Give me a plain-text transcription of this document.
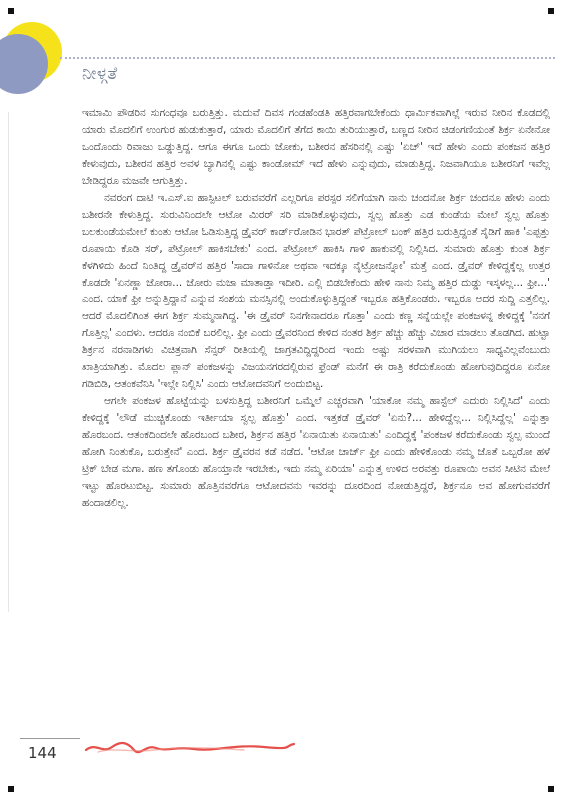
ನೀಳ್ಗತೆ

ಇಮಾಮಿ ಪೌಡರಿನ ಸುಗಂಧವೂ ಬರುತ್ತಿತ್ತು. ಮದುವೆ ದಿವಸ ಗಂಡಹೆಂಡತಿ ಹತ್ತಿರವಾಗಬೇಕೆಂದು ಧಾರ್ಮಿಕವಾಗಿಲ್ಲೆ ಇರುವ ನೀರಿನ ಕೊಡದಲ್ಲಿ ಯಾರು ಮೊದಲಿಗೆ ಉಂಗುರ ಹುಡುಕುತ್ತಾರೆ, ಯಾರು ಮೊದಲಿಗೆ ತೆಗೆದ ಕಾಯಿ ತುರಿಯುತ್ತಾರೆ, ಬಣ್ಣದ ನೀರಿನ ಚಿಡಂಗಣಿಯಂತೆ ಶಿರ್ಕ್ರ ಏನೇನೋ ಒಂದೊಂದು ರಿವಾಜು ಒಡ್ಡುತ್ತಿದ್ದ. ಆಗೂ ಈಗೂ ಒಂದು ಜೋಕು, ಬಶೀರನ ಹೆಸರಿನಲ್ಲಿ ಎಷ್ಟು 'ಏಚ್' ಇದೆ ಹೇಳು ಎಂದು ಪಂಕಜನ ಹತ್ತಿರ ಕೇಳುವುದು, ಬಶೀರನ ಹತ್ತಿರ ಅವಳ ಬ್ಯಾಗಿನಲ್ಲಿ ಎಷ್ಟು ಕಾಂಡೋಮ್ ಇದೆ ಹೇಳು ಎನ್ನುವುದು, ಮಾಡುತ್ತಿದ್ದ. ನಿಜವಾಗಿಯೂ ಬಶೀರನಿಗೆ ಇವೆಲ್ಲ ಬೇಡಿದ್ದರೂ ಮಜವೇ ಆಗುತ್ತಿತ್ತು.

ನವರಂಗ ದಾಟಿ ಇ.ಎಸ್.ಐ ಹಾಸ್ಪಿಟಲ್ ಬರುವವರೆಗೆ ಎಲ್ಲರಿಗೂ ಪರಸ್ಪರ ಸಲಿಗೆಯಾಗಿ ನಾನು ಚಂದನೋ ಶಿರ್ಕ್ರ ಚಂದನೂ ಹೇಳು ಎಂದು ಬಶೀರನೇ ಕೇಳುತ್ತಿದ್ದ. ಸುರುವಿನಿಂದಲೇ ಆಟೋ ಮಿರರ್ ಸರಿ ಮಾಡಿಕೊಳ್ಳುವುದು, ಸ್ವಲ್ಪ ಹೊತ್ತು ಎಡ ಕುಂಡೆಯ ಮೇಲೆ ಸ್ವಲ್ಪ ಹೊತ್ತು ಬಲಕುಂಡೆಯಮೇಲೆ ಕುಂತು ಆಟೋ ಓಡಿಸುತ್ತಿದ್ದ ಡ್ರೈವರ್ ಕಾರ್ಡ್‌ರೋಡಿನ ಭಾರತ್ ಪೆಟ್ರೋಲ್ ಬಂಕ್ ಹತ್ತಿರ ಬರುತ್ತಿದ್ದಂತೆ ಸೈಡಿಗೆ ಹಾಕಿ 'ಎಪ್ಪತ್ತು ರೂಪಾಯಿ ಕೊಡಿ ಸರ್, ಪೆಟ್ರೋಲ್ ಹಾಕಿಸಬೇಕು' ಎಂದ. ಪೆಟ್ರೋಲ್ ಹಾಕಿಸಿ ಗಾಳಿ ಹಾಕುವಲ್ಲಿ ನಿಲ್ಲಿಸಿದ. ಸುಮಾರು ಹೊತ್ತು ಕುಂತ ಶಿರ್ಕ್ರ ಕೆಳಗಿಳಿದು ಹಿಂದೆ ನಿಂತಿದ್ದ ಡ್ರೈವರ್‌ನ ಹತ್ತಿರ 'ಸಾದಾ ಗಾಳಿನೋ ಅಥವಾ ಇದಕ್ಕೂ ನೈಟ್ರೋಜನ್ನೋ' ಮತ್ತೆ ಎಂದ. ಡ್ರೈವರ್ ಕೇಳಿದ್ದಕ್ಕೆಲ್ಲ ಉತ್ತರ ಕೊಡದೇ 'ಏನಣ್ಣಾ ಜೋರಾ... ಜೋರು ಮಜಾ ಮಾತಾಡ್ತಾ ಇದೀರಿ. ಎಲ್ಲಿ ಬಿಡಬೇಕೆಂದು ಹೇಳಿ ನಾನು ನಿಮ್ಮ ಹತ್ತಿರ ದುಡ್ಡು ಇಸ್ಕಳಲ್ಲ... ಫ್ರೀ...' ಎಂದ. ಯಾಕೆ ಫ್ರೀ ಅನ್ನುತ್ತಿದ್ದಾನೆ ಎನ್ನುವ ಸಂಶಯ ಮನಸ್ಸಿನಲ್ಲಿ ಅಂದುಕೊಳ್ಳುತ್ತಿದ್ದಂತೆ ಇಬ್ಬರೂ ಹತ್ತಿಕೊಂಡರು. ಇಬ್ಬರೂ ಅದರ ಸುದ್ದಿ ಎತ್ತಲಿಲ್ಲ. ಆದರೆ ಮೊದಲಿಗಿಂತ ಈಗ ಶಿರ್ಕ್ರ ಸುಮ್ಮನಾಗಿದ್ದ. 'ಈ ಡ್ರೈವರ್ ನಿನಗೇನಾದರೂ ಗೊತ್ತಾ' ಎಂದು ಕಣ್ಣ ಸನ್ನೆಯಲ್ಲೇ ಪಂಕಜಳನ್ನ ಕೇಳಿದ್ದಕ್ಕೆ 'ನನಗೆ ಗೊತ್ತಿಲ್ಲ' ಎಂದಳು. ಆದರೂ ನಂಬಿಕೆ ಬರಲಿಲ್ಲ. ಫ್ರೀ ಎಂದು ಡ್ರೈವರನಿಂದ ಕೇಳಿದ ನಂತರ ಶಿರ್ಕ್ರ ಹೆಚ್ಚು ಹೆಚ್ಚು ವಿಚಾರ ಮಾಡಲು ತೊಡಗಿದ. ಹುಟ್ಟಾ ಶಿರ್ಕ್ರನ ನರನಾಡಿಗಳು ವಿಚಿತ್ರವಾಗಿ ಸೆನ್ಸರ್ ರೀತಿಯಲ್ಲಿ ಜಾಗ್ರತವಿದ್ದಿದ್ದರಿಂದ ಇಂದು ಅಷ್ಟು ಸರಳವಾಗಿ ಮುಗಿಯಲು ಸಾಧ್ಯವಿಲ್ಲವೆಂಬುದು ಖಾತ್ರಿಯಾಗಿತ್ತು. ಮೊದಲ ಪ್ಲಾನ್ ಪಂಕಜಳನ್ನು ವಿಜಯನಗರದಲ್ಲಿರುವ ಫ್ರೆಂಡ್ ಮನೆಗೆ ಈ ರಾತ್ರಿ ಕರೆದುಕೊಂಡು ಹೋಗುವುದಿದ್ದರೂ ಏನೋ ಗಡಿಬಿಡಿ, ಆತಂಕವೆನಿಸಿ 'ಇಲ್ಲೇ ನಿಲ್ಲಿಸಿ' ಎಂದು ಆಟೋದವನಿಗೆ ಅಂದುಬಿಟ್ಟ.

ಆಗಲೇ ಪಂಕಜಳ ಹೊಟ್ಟೆಯನ್ನು ಬಳಸುತ್ತಿದ್ದ ಬಶೀರನಿಗೆ ಒಮ್ಮೆಲೆ ಎಚ್ಚರವಾಗಿ 'ಯಾಕೋ ನಮ್ಮ ಹಾಸ್ಟೆಲ್ ಎದುರು ನಿಲ್ಲಿಸಿದೆ' ಎಂದು ಕೇಳಿದ್ದಕ್ಕೆ 'ಲೌಡೆ ಮುಚ್ಚಿಕೊಂಡು ಇರ್ತೀಯಾ ಸ್ವಲ್ಪ ಹೊತ್ತು' ಎಂದ. ಇತ್ತಕಡೆ ಡ್ರೈವರ್ 'ಏನು?... ಹೇಳಿದ್ದೆಲ್ಲ... ನಿಲ್ಲಿಸಿದ್ದೆಲ್ಲ' ಎನ್ನುತ್ತಾ ಹೊರಬಂದ. ಆತಂಕದಿಂದಲೇ ಹೊರಬಂದ ಬಶೀರ, ಶಿರ್ಕ್ರನ ಹತ್ತಿರ 'ಏನಾಯಿತು ಏನಾಯಿತು' ಎಂದಿದ್ದಕ್ಕೆ 'ಪಂಕಜಳ ಕರೆದುಕೊಂಡು ಸ್ವಲ್ಪ ಮುಂದೆ ಹೋಗಿ ನಿಂತುಕೊ, ಬರುತ್ತೇನೆ' ಎಂದ. ಶಿರ್ಕ್ರ ಡ್ರೈವರನ ಕಡೆ ನಡೆದ. 'ಆಟೋ ಚಾರ್ಜ್ ಫ್ರೀ ಎಂದು ಹೇಳಿಕೊಂಡು ನಮ್ಮ ಜೊತೆ ಒಬ್ಬರೋ ಹಳೆ ಟ್ರಿಕ್ ಬೇಡ ಮಗಾ. ಹಣ ತಗೊಂಡು ಹೊಯ್ತಾನೇ ಇರಬೇಕು, ಇದು ನಮ್ಮ ಏರಿಯಾ' ಎನ್ನುತ್ತ ಉಳಿದ ಅರವತ್ತು ರೂಪಾಯಿ ಅವನ ಸೀಟಿನ ಮೇಲೆ ಇಟ್ಟು ಹೊರಟುಬಿಟ್ಟ. ಸುಮಾರು ಹೊತ್ತಿನವರೆಗೂ ಆಟೋದವನು ಇವರನ್ನು ದೂರದಿಂದ ನೋಡುತ್ತಿದ್ದರೆ, ಶಿರ್ಕ್ರನೂ ಅವ ಹೋಗುವವರೆಗೆ ಹಂದಾಡಲಿಲ್ಲ.

144
